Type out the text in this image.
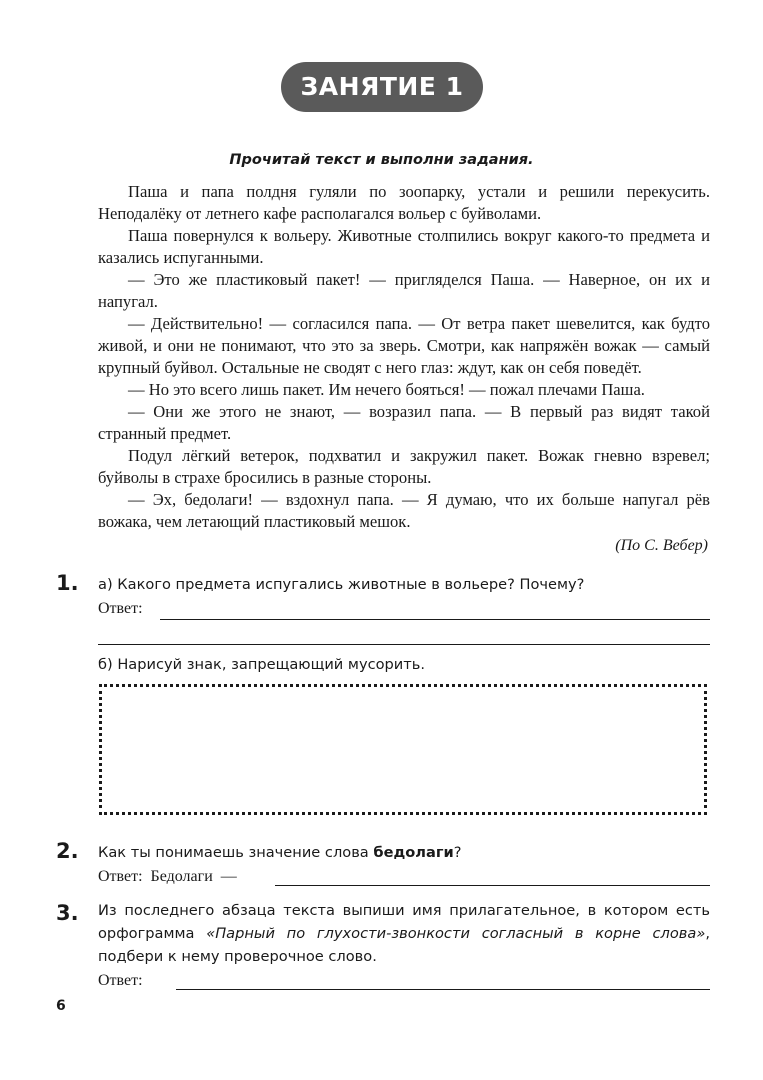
ЗАНЯТИЕ 1
Прочитай текст и выполни задания.

Паша и папа полдня гуляли по зоопарку, устали и решили перекусить. Неподалёку от летнего кафе располагался вольер с буйволами.

Паша повернулся к вольеру. Животные столпились вокруг какого-то предмета и казались испуганными.

— Это же пластиковый пакет! — пригляделся Паша. — Наверное, он их и напугал.

— Действительно! — согласился папа. — От ветра пакет шевелится, как будто живой, и они не понимают, что это за зверь. Смотри, как напряжён вожак — самый крупный буйвол. Остальные не сводят с него глаз: ждут, как он себя поведёт.

— Но это всего лишь пакет. Им нечего бояться! — пожал плечами Паша.

— Они же этого не знают, — возразил папа. — В первый раз видят такой странный предмет.

Подул лёгкий ветерок, подхватил и закружил пакет. Вожак гневно взревел; буйволы в страхе бросились в разные стороны.

— Эх, бедолаги! — вздохнул папа. — Я думаю, что их больше напугал рёв вожака, чем летающий пластиковый мешок.

(По С. Вебер)
1. а) Какого предмета испугались животные в вольере? Почему?
Ответ:
б) Нарисуй знак, запрещающий мусорить.
2. Как ты понимаешь значение слова бедолаги?
Ответ:  Бедолаги  —
3. Из последнего абзаца текста выпиши имя прилагательное, в котором есть орфограмма «Парный по глухости-звонкости согласный в корне слова», подбери к нему проверочное слово.
Ответ:
6
